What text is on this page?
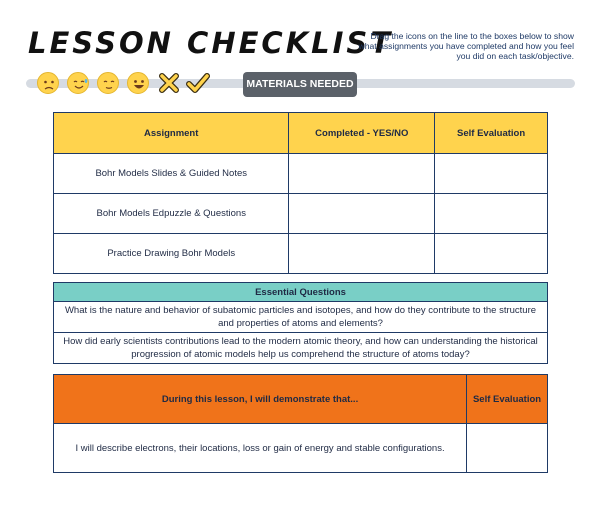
LESSON CHECKLIST
Drag the icons on the line to the boxes below to show what assignments you have completed and how you feel you did on each task/objective.
MATERIALS NEEDED
Assignment	Completed - YES/NO	Self Evaluation
Bohr Models Slides & Guided Notes		
Bohr Models Edpuzzle & Questions		
Practice Drawing Bohr Models		
Essential Questions
What is the nature and behavior of subatomic particles and isotopes, and how do they contribute to the structure and properties of atoms and elements?
How did early scientists contributions lead to the modern atomic theory, and how can understanding the historical progression of atomic models help us comprehend the structure of atoms today?
During this lesson, I will demonstrate that...	Self Evaluation
I will describe electrons, their locations, loss or gain of energy and stable configurations.	
